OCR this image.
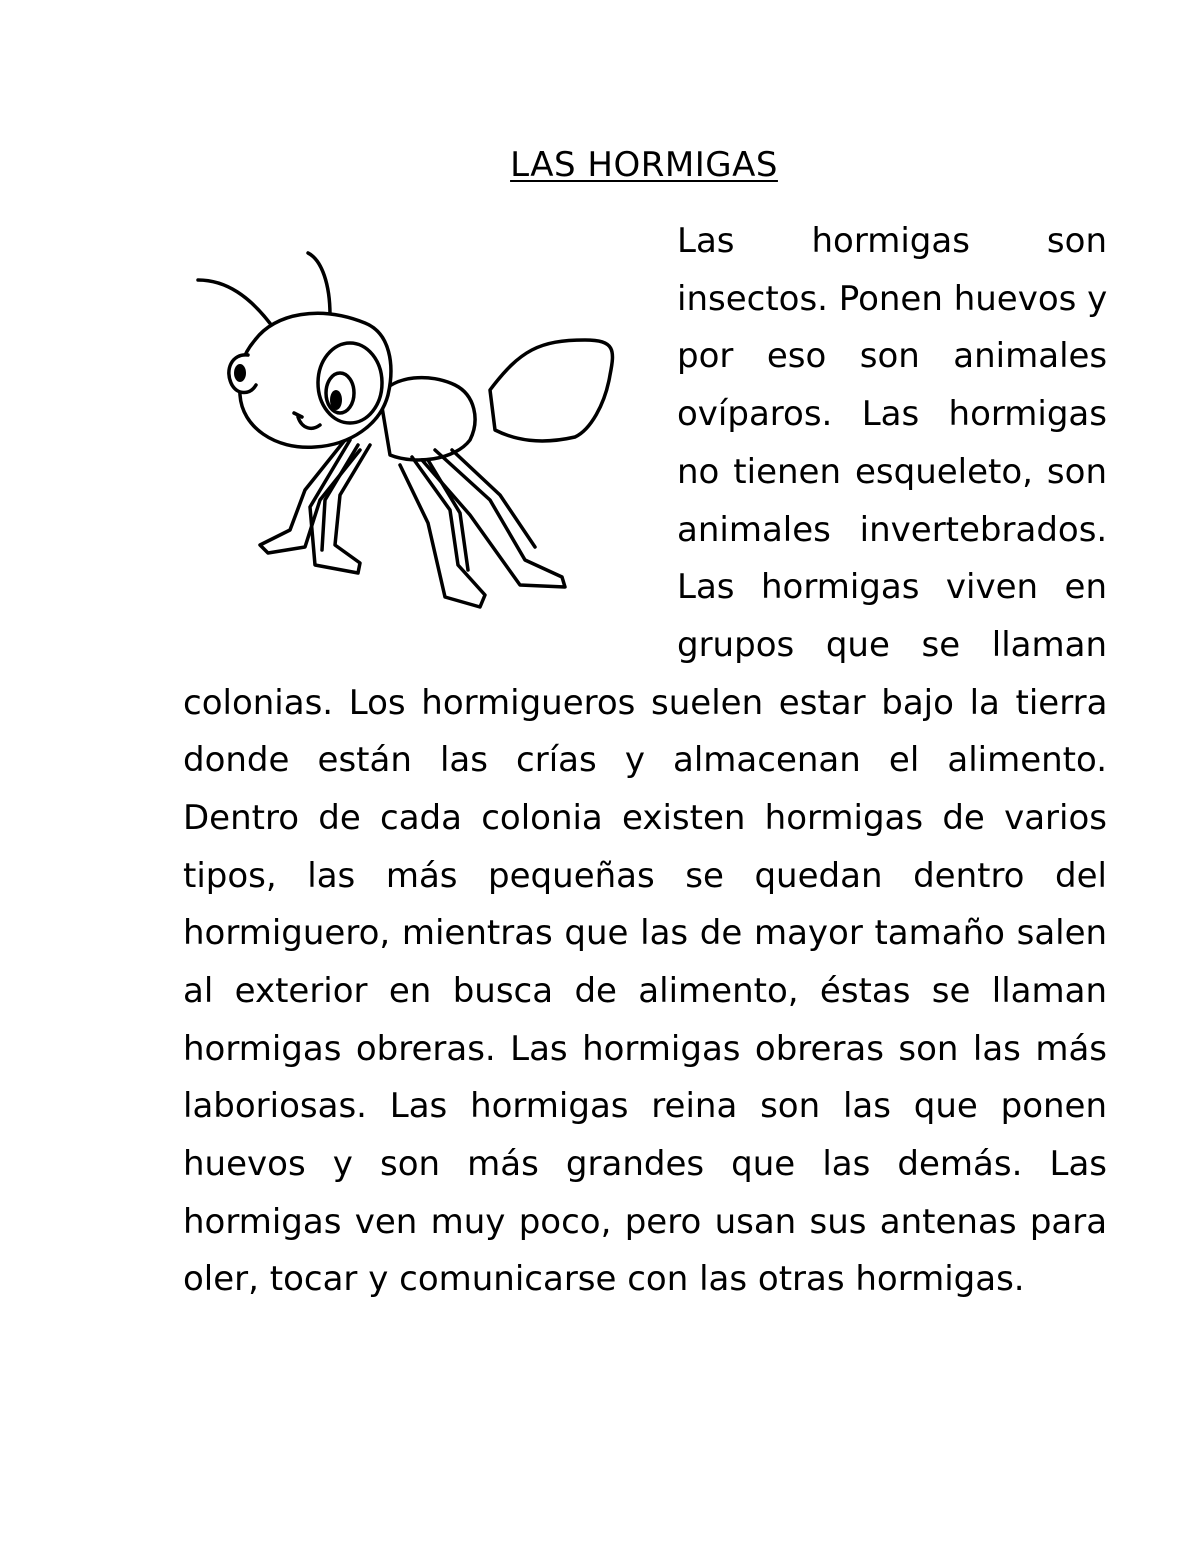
LAS HORMIGAS

Las hormigas son

insectos. Ponen huevos y

por eso son animales

ovíparos. Las hormigas

no tienen esqueleto, son

animales invertebrados.

Las hormigas viven en

grupos que se llaman

colonias. Los hormigueros suelen estar bajo la tierra

donde están las crías y almacenan el alimento.

Dentro de cada colonia existen hormigas de varios

tipos, las más pequeñas se quedan dentro del

hormiguero, mientras que las de mayor tamaño salen

al exterior en busca de alimento, éstas se llaman

hormigas obreras. Las hormigas obreras son las más

laboriosas. Las hormigas reina son las que ponen

huevos y son más grandes que las demás. Las

hormigas ven muy poco, pero usan sus antenas para

oler, tocar y comunicarse con las otras hormigas.
